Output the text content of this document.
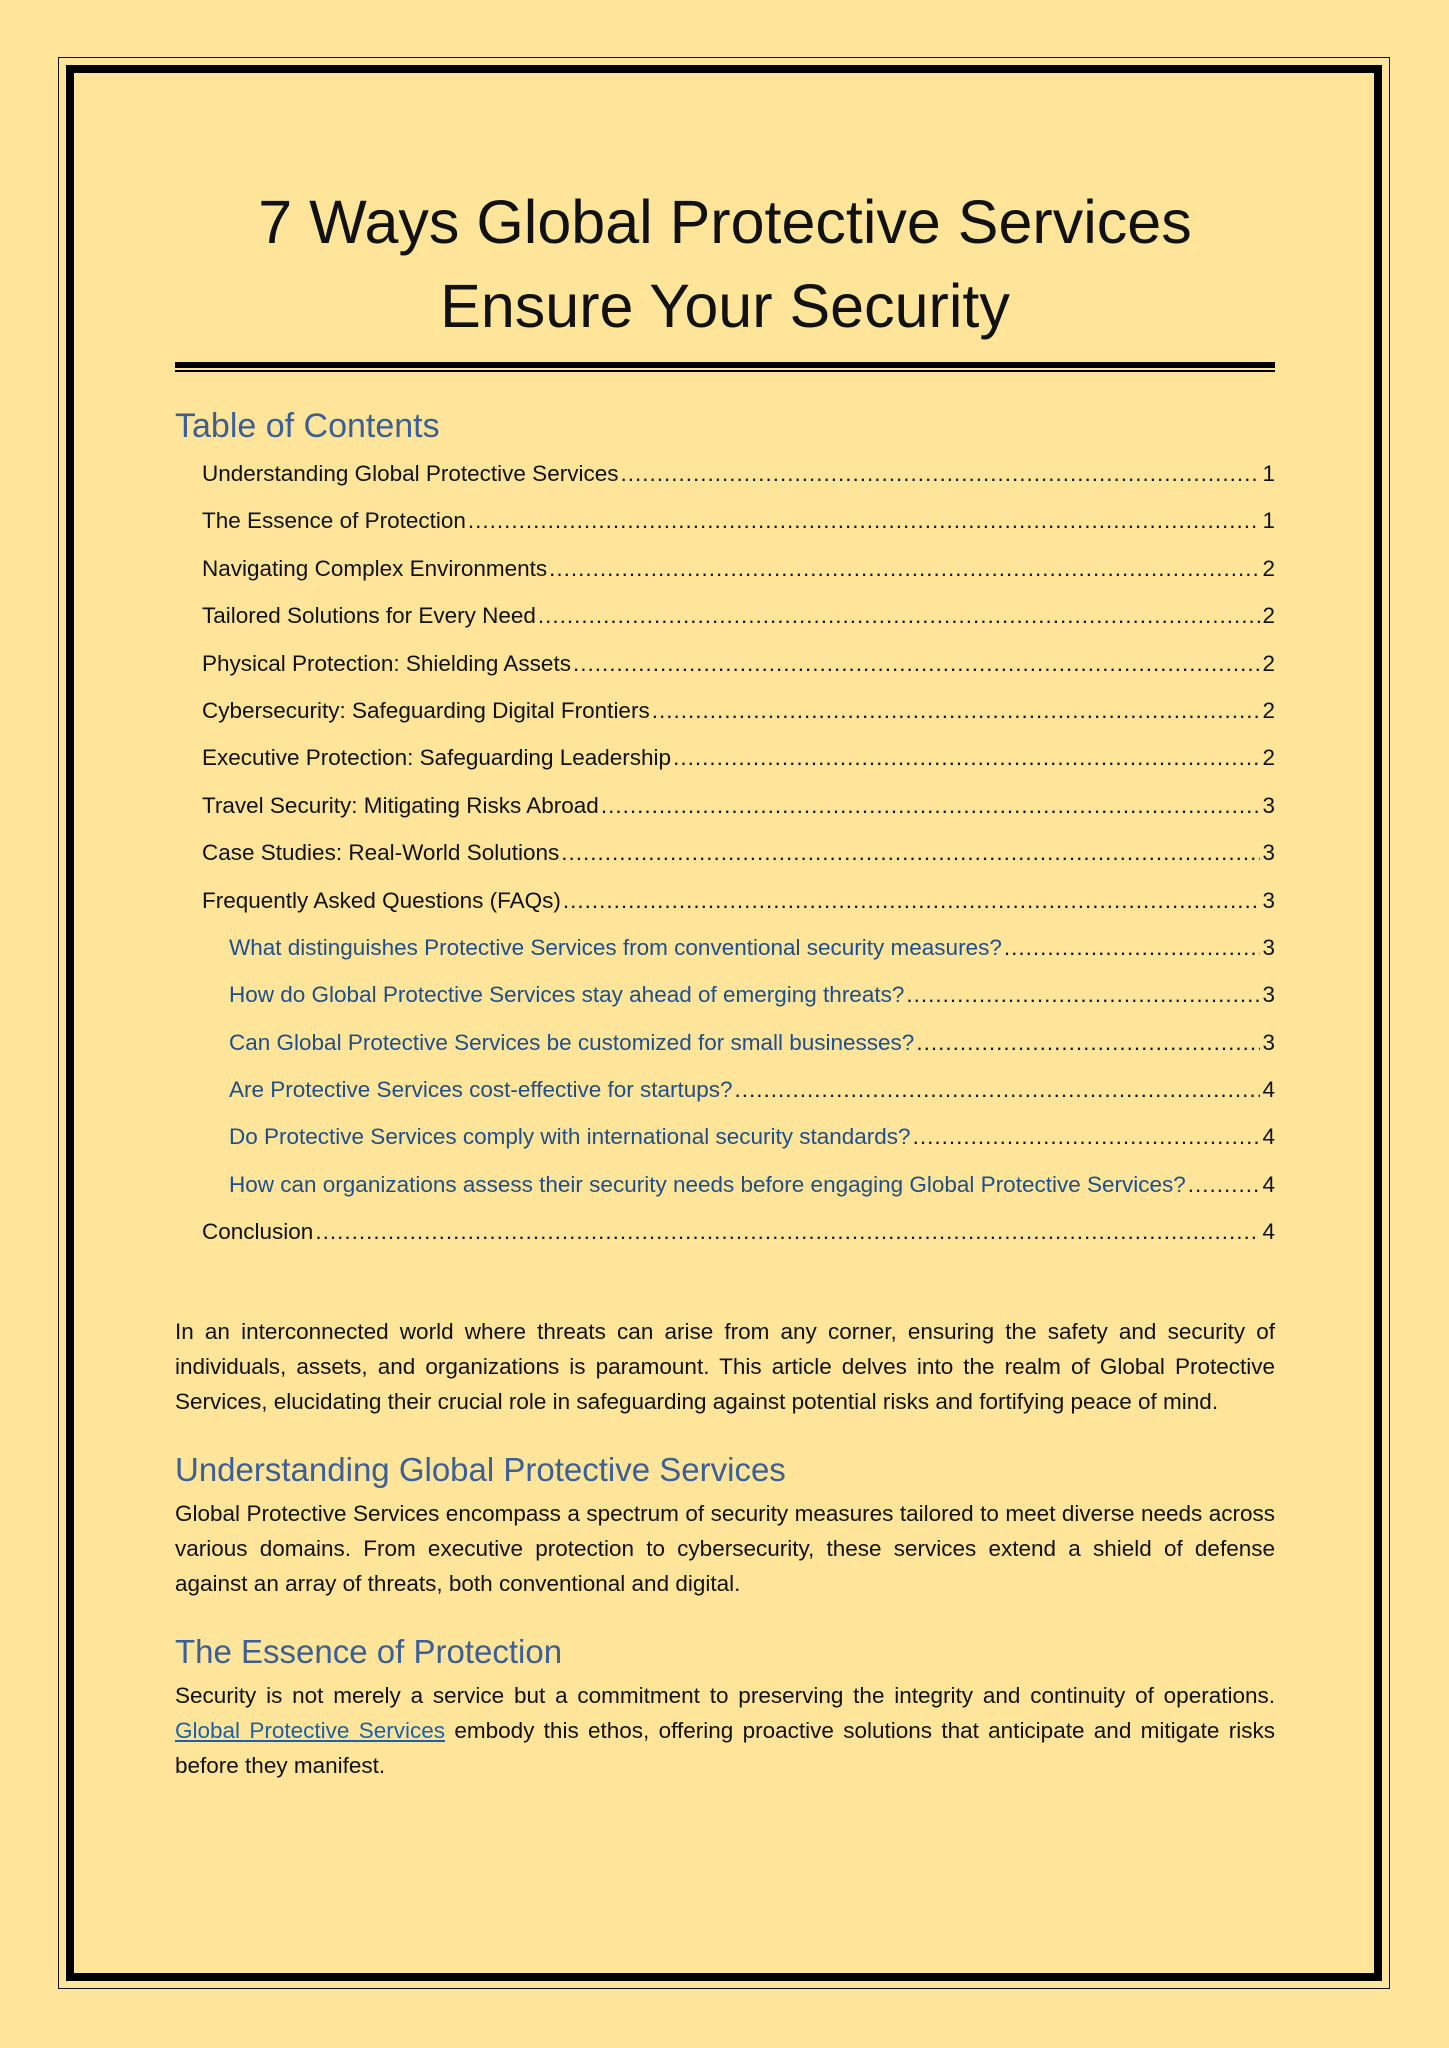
7 Ways Global Protective Services Ensure Your Security
Table of Contents
Understanding Global Protective Services .....	1
The Essence of Protection .....	1
Navigating Complex Environments .....	2
Tailored Solutions for Every Need .....	2
Physical Protection: Shielding Assets .....	2
Cybersecurity: Safeguarding Digital Frontiers .....	2
Executive Protection: Safeguarding Leadership .....	2
Travel Security: Mitigating Risks Abroad .....	3
Case Studies: Real-World Solutions .....	3
Frequently Asked Questions (FAQs) .....	3
What distinguishes Protective Services from conventional security measures? .....	3
How do Global Protective Services stay ahead of emerging threats? .....	3
Can Global Protective Services be customized for small businesses? .....	3
Are Protective Services cost-effective for startups? .....	4
Do Protective Services comply with international security standards? .....	4
How can organizations assess their security needs before engaging Global Protective Services? .....	4
Conclusion .....	4

In an interconnected world where threats can arise from any corner, ensuring the safety and security of individuals, assets, and organizations is paramount. This article delves into the realm of Global Protective Services, elucidating their crucial role in safeguarding against potential risks and fortifying peace of mind.

Understanding Global Protective Services

Global Protective Services encompass a spectrum of security measures tailored to meet diverse needs across various domains. From executive protection to cybersecurity, these services extend a shield of defense against an array of threats, both conventional and digital.

The Essence of Protection

Security is not merely a service but a commitment to preserving the integrity and continuity of operations. Global Protective Services embody this ethos, offering proactive solutions that anticipate and mitigate risks before they manifest.
